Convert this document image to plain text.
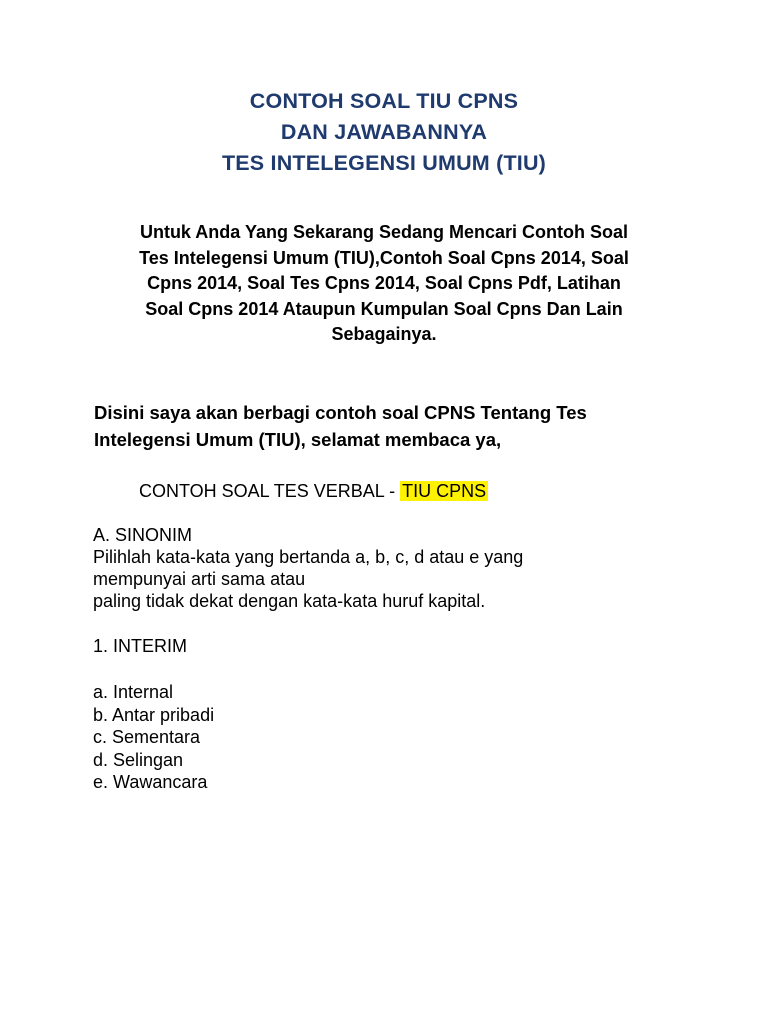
CONTOH SOAL TIU CPNS
DAN JAWABANNYA
TES INTELEGENSI UMUM (TIU)
Untuk Anda Yang Sekarang Sedang Mencari Contoh Soal
Tes Intelegensi Umum (TIU),Contoh Soal Cpns 2014, Soal
Cpns 2014, Soal Tes Cpns 2014, Soal Cpns Pdf, Latihan
Soal Cpns 2014 Ataupun Kumpulan Soal Cpns Dan Lain
Sebagainya.
Disini saya akan berbagi contoh soal CPNS Tentang Tes
Intelegensi Umum (TIU), selamat membaca ya,
CONTOH SOAL TES VERBAL - TIU CPNS
A. SINONIM
Pilihlah kata-kata yang bertanda a, b, c, d atau e yang
mempunyai arti sama atau
paling tidak dekat dengan kata-kata huruf kapital.
1. INTERIM
a. Internal
b. Antar pribadi
c. Sementara
d. Selingan
e. Wawancara
